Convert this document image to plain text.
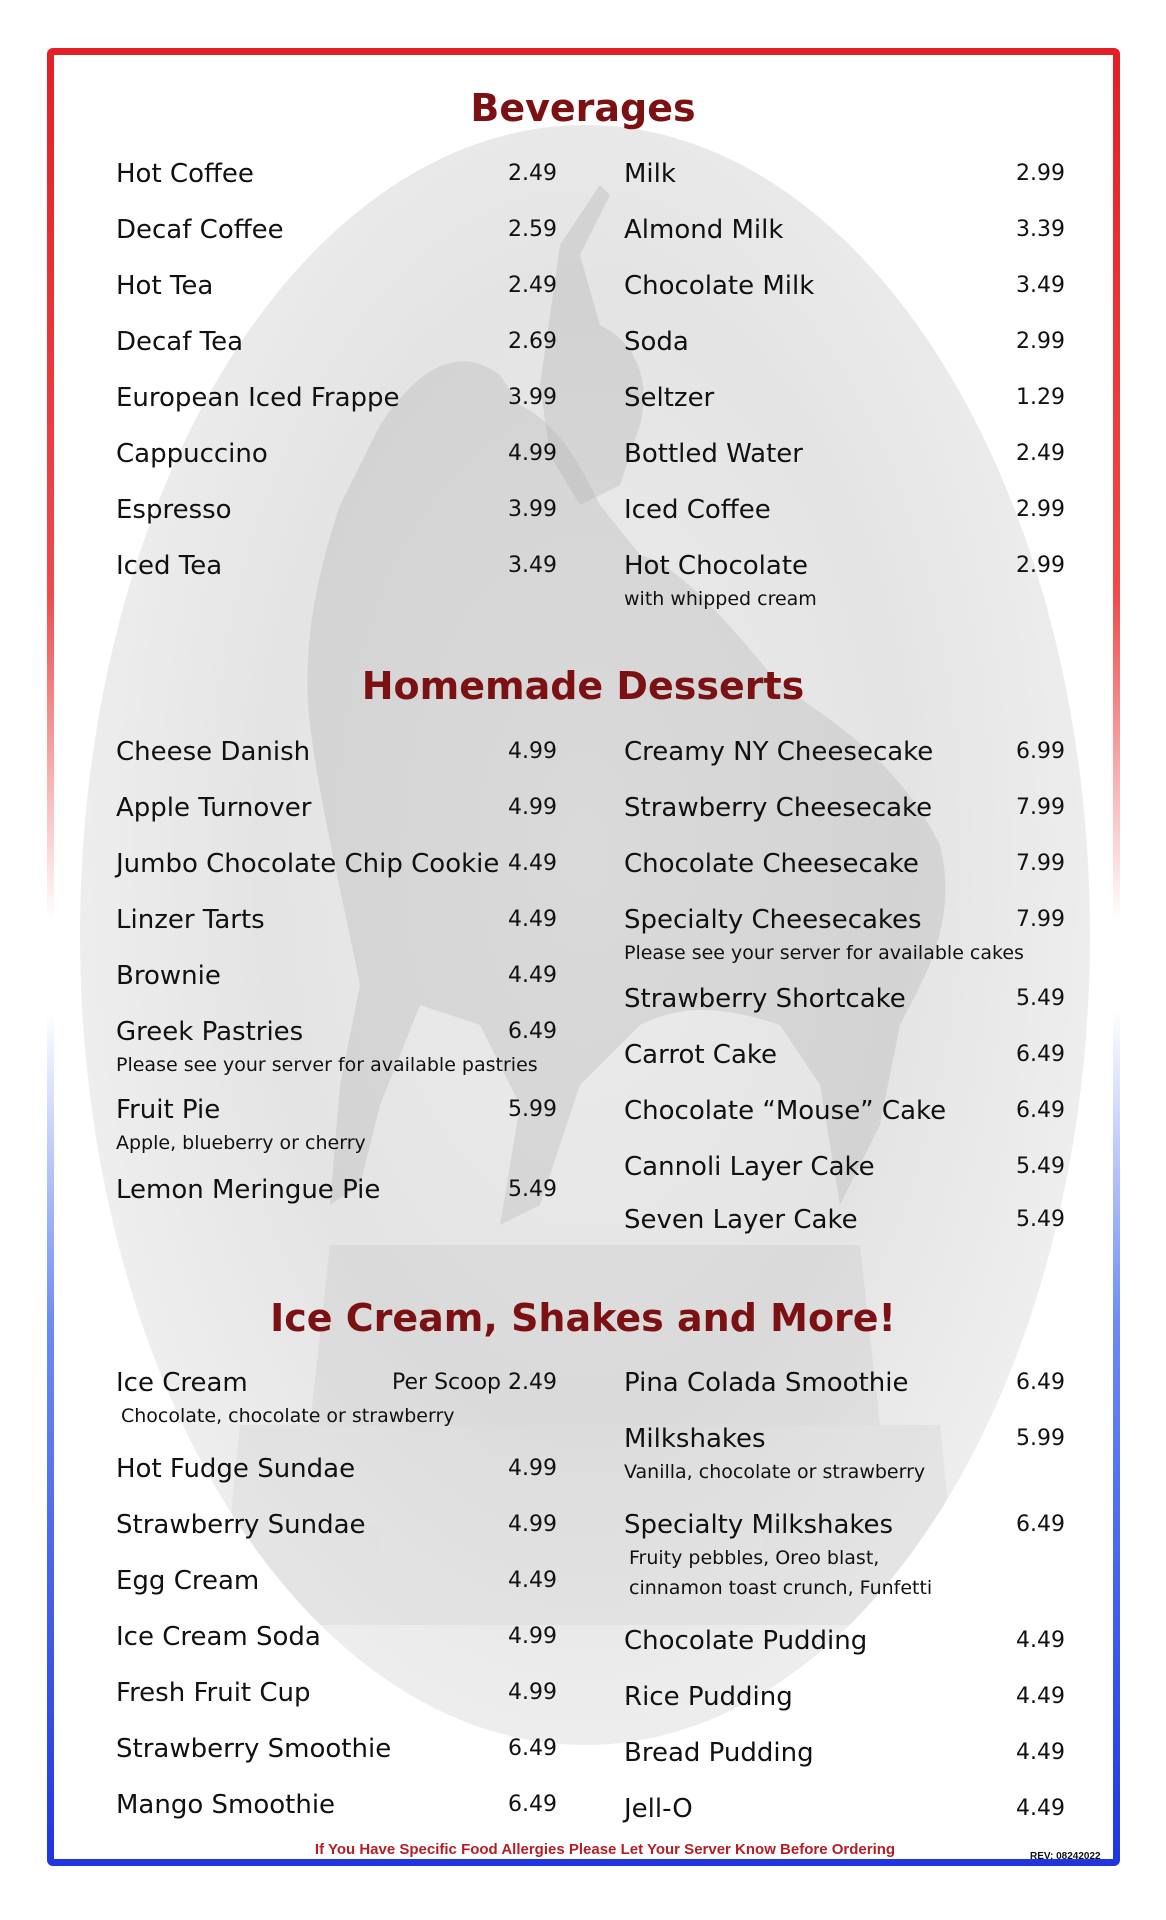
Beverages
Hot Coffee	2.49
Decaf Coffee	2.59
Hot Tea	2.49
Decaf Tea	2.69
European Iced Frappe	3.99
Cappuccino	4.99
Espresso	3.99
Iced Tea	3.49
Milk	2.99
Almond Milk	3.39
Chocolate Milk	3.49
Soda	2.99
Seltzer	1.29
Bottled Water	2.49
Iced Coffee	2.99
Hot Chocolate	2.99
with whipped cream
Homemade Desserts
Cheese Danish	4.99
Apple Turnover	4.99
Jumbo Chocolate Chip Cookie 4.49
Linzer Tarts	4.49
Brownie	4.49
Greek Pastries	6.49
Please see your server for available pastries
Fruit Pie	5.99
Apple, blueberry or cherry
Lemon Meringue Pie	5.49
Creamy NY Cheesecake	6.99
Strawberry Cheesecake	7.99
Chocolate Cheesecake	7.99
Specialty Cheesecakes	7.99
Please see your server for available cakes
Strawberry Shortcake	5.49
Carrot Cake	6.49
Chocolate “Mouse” Cake	6.49
Cannoli Layer Cake	5.49
Seven Layer Cake	5.49
Ice Cream, Shakes and More!
Ice Cream	Per Scoop 2.49
Chocolate, chocolate or strawberry
Hot Fudge Sundae	4.99
Strawberry Sundae	4.99
Egg Cream	4.49
Ice Cream Soda	4.99
Fresh Fruit Cup	4.99
Strawberry Smoothie	6.49
Mango Smoothie	6.49
Pina Colada Smoothie	6.49
Milkshakes	5.99
Vanilla, chocolate or strawberry
Specialty Milkshakes	6.49
Fruity pebbles, Oreo blast,
cinnamon toast crunch, Funfetti
Chocolate Pudding	4.49
Rice Pudding	4.49
Bread Pudding	4.49
Jell-O	4.49
If You Have Specific Food Allergies Please Let Your Server Know Before Ordering	REV: 08242022
